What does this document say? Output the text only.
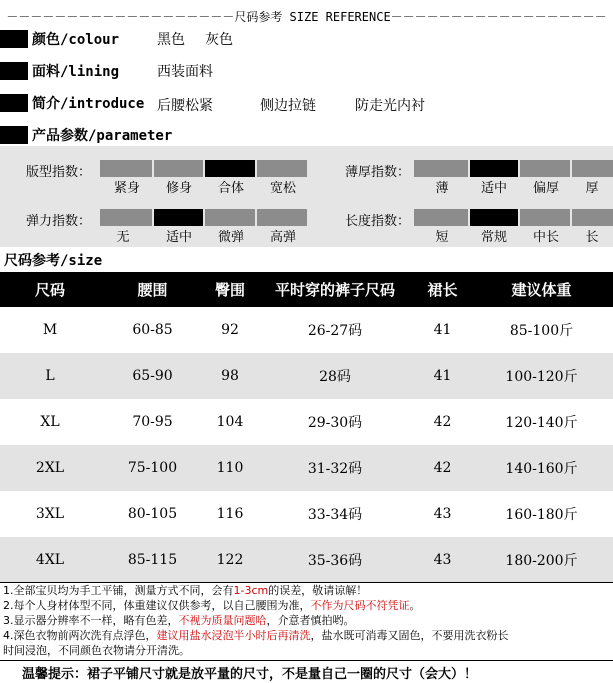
－－－－－－－－－－－－－－－－－－－尺码参考 SIZE REFERENCE－－－－－－－－－－－－－－－－－－
颜色/colour	黑色 灰色
面料/lining	西装面料
简介/introduce 后腰松紧	侧边拉链	防走光内衬
产品参数/parameter
版型指数：
紧身	修身	合体	宽松
薄厚指数：
薄	适中	偏厚	厚
弹力指数：
无	适中	微弹	高弹
长度指数：
短	常规	中长	长
尺码参考/size
尺码	腰围	臀围	平时穿的裤子尺码	裙长	建议体重
M	60-85	92	26-27码	41	85-100斤
L	65-90	98	28码	41	100-120斤
XL	70-95	104	29-30码	42	120-140斤
2XL	75-100	110	31-32码	42	140-160斤
3XL	80-105	116	33-34码	43	160-180斤
4XL	85-115	122	35-36码	43	180-200斤

1.全部宝贝均为手工平铺，测量方式不同，会有1-3cm的误差，敬请谅解！

2.每个人身材体型不同，体重建议仅供参考，以自己腰围为准，不作为尺码不符凭证。

3.显示器分辨率不一样，略有色差，不视为质量问题哈，介意者慎拍哟。

4.深色衣物前两次洗有点浮色，建议用盐水浸泡半小时后再清洗，盐水既可消毒又固色，不要用洗衣粉长

时间浸泡，不同颜色衣物请分开清洗。

温馨提示：裙子平铺尺寸就是放平量的尺寸，不是量自己一圈的尺寸（会大）！
